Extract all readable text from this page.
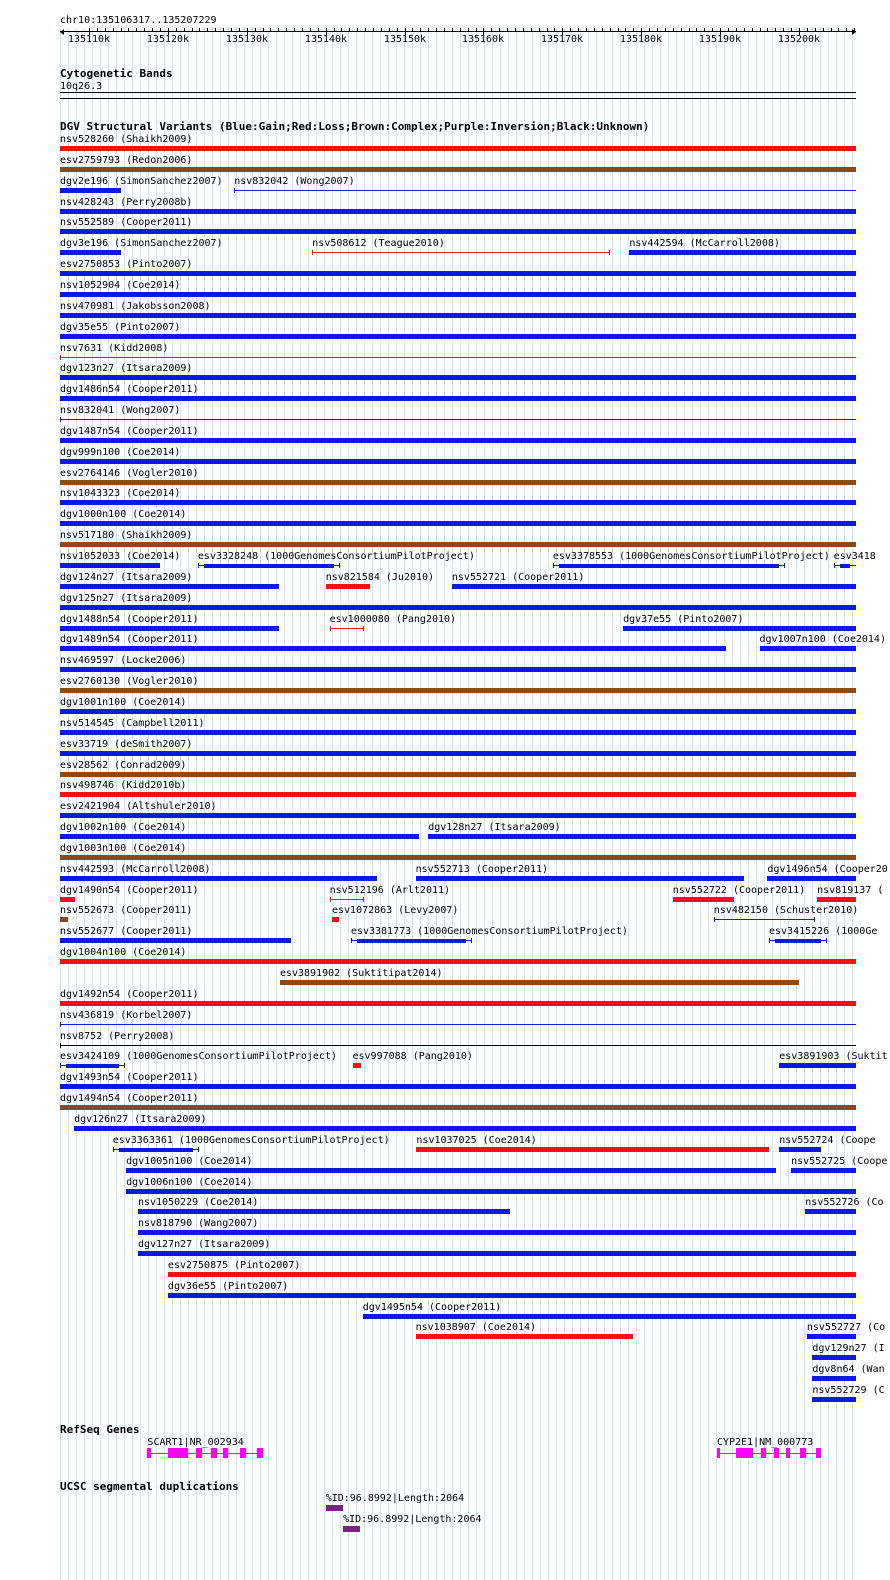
chr10:135106317..135207229
135110k	135120k	135130k	135140k	135150k	135160k	135170k	135180k	135190k	135200k
Cytogenetic Bands
10q26.3
DGV Structural Variants (Blue:Gain;Red:Loss;Brown:Complex;Purple:Inversion;Black:Unknown)
nsv528260 (Shaikh2009)
esv2759793 (Redon2006)
dgv2e196 (SimonSanchez2007) nsv832042 (Wong2007)
nsv428243 (Perry2008b)
nsv552589 (Cooper2011)
dgv3e196 (SimonSanchez2007)	nsv508612 (Teague2010)	nsv442594 (McCarroll2008)
esv2750853 (Pinto2007)
nsv1052904 (Coe2014)
nsv470981 (Jakobsson2008)
dgv35e55 (Pinto2007)
nsv7631 (Kidd2008)
dgv123n27 (Itsara2009)
dgv1486n54 (Cooper2011)
nsv832041 (Wong2007)
dgv1487n54 (Cooper2011)
dgv999n100 (Coe2014)
esv2764146 (Vogler2010)
nsv1043323 (Coe2014)
dgv1000n100 (Coe2014)
nsv517180 (Shaikh2009)
nsv1052033 (Coe2014) esv3328248 (1000GenomesConsortiumPilotProject)	esv3378553 (1000GenomesConsortiumPilotProject) esv3418
dgv124n27 (Itsara2009)	nsv821584 (Ju2010) nsv552721 (Cooper2011)
dgv125n27 (Itsara2009)
dgv1488n54 (Cooper2011)	esv1000080 (Pang2010)	dgv37e55 (Pinto2007)
dgv1489n54 (Cooper2011)	dgv1007n100 (Coe2014)
nsv469597 (Locke2006)
esv2760130 (Vogler2010)
dgv1001n100 (Coe2014)
nsv514545 (Campbell2011)
esv33719 (deSmith2007)
esv28562 (Conrad2009)
nsv498746 (Kidd2010b)
esv2421904 (Altshuler2010)
dgv1002n100 (Coe2014)	dgv128n27 (Itsara2009)
dgv1003n100 (Coe2014)
nsv442593 (McCarroll2008)	nsv552713 (Cooper2011)	dgv1496n54 (Cooper20
dgv1490n54 (Cooper2011)	nsv512196 (Arlt2011)	nsv552722 (Cooper2011) nsv819137 (
nsv552673 (Cooper2011)	esv1072863 (Levy2007)	nsv482150 (Schuster2010)
nsv552677 (Cooper2011)	esv3381773 (1000GenomesConsortiumPilotProject)	esv3415226 (1000Ge
dgv1004n100 (Coe2014)
esv3891902 (Suktitipat2014)
dgv1492n54 (Cooper2011)
nsv436819 (Korbel2007)
nsv8752 (Perry2008)
esv3424109 (1000GenomesConsortiumPilotProject) esv997088 (Pang2010)	esv3891903 (Suktit
dgv1493n54 (Cooper2011)
dgv1494n54 (Cooper2011)
dgv126n27 (Itsara2009)
esv3363361 (1000GenomesConsortiumPilotProject)	nsv1037025 (Coe2014)	nsv552724 (Coope
dgv1005n100 (Coe2014)	nsv552725 (Coope
dgv1006n100 (Coe2014)
nsv1050229 (Coe2014)	nsv552726 (Co
nsv818790 (Wang2007)
dgv127n27 (Itsara2009)
esv2750875 (Pinto2007)
dgv36e55 (Pinto2007)
dgv1495n54 (Cooper2011)
nsv1038907 (Coe2014)	nsv552727 (Co
dgv129n27 (I
dgv8n64 (Wan
nsv552729 (C
RefSeq Genes
SCART1|NR_002934	CYP2E1|NM_000773
UCSC segmental duplications
%ID:96.8992|Length:2064
%ID:96.8992|Length:2064
